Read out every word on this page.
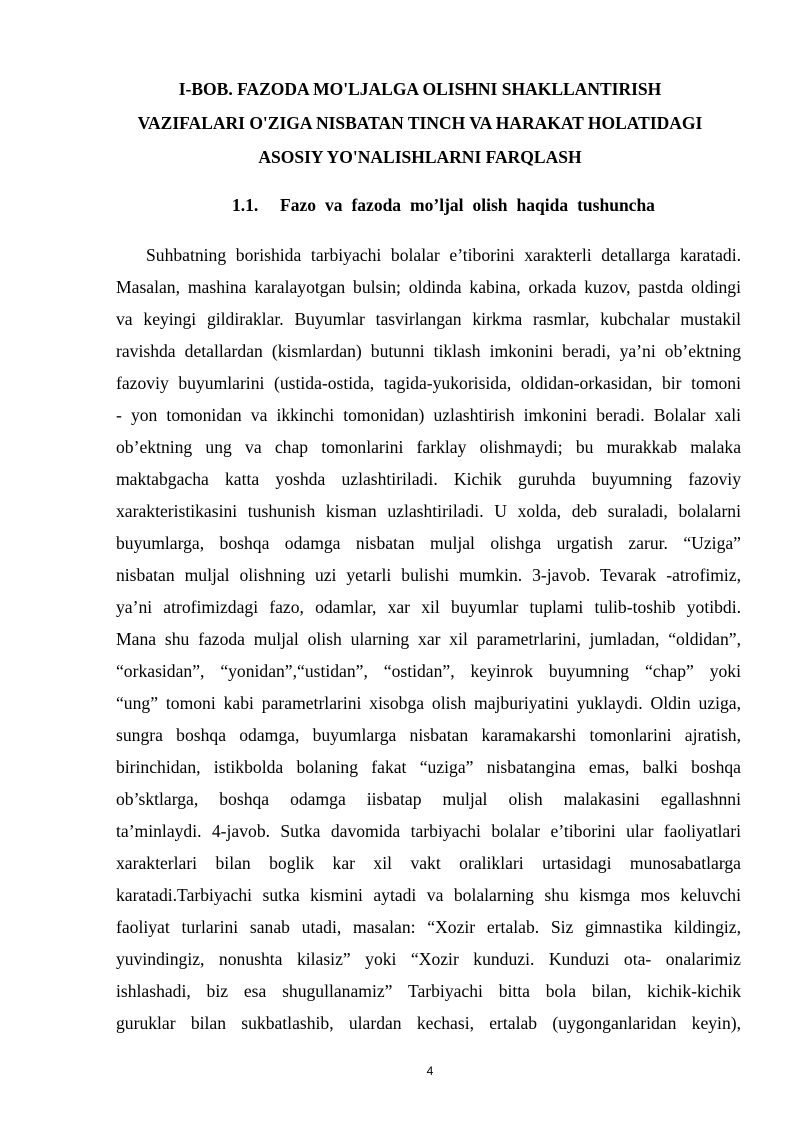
I-BOB. FAZODA MO'LJALGA OLISHNI SHAKLLANTIRISH
VAZIFALARI O'ZIGA NISBATAN TINCH VA HARAKAT HOLATIDAGI
ASOSIY YO'NALISHLARNI FARQLASH
1.1. Fazo va fazoda mo’ljal olish haqida tushuncha
Suhbatning borishida tarbiyachi bolalar e’tiborini xarakterli detallarga karatadi.
Masalan, mashina karalayotgan bulsin; oldinda kabina, orkada kuzov, pastda oldingi
va keyingi gildiraklar. Buyumlar tasvirlangan kirkma rasmlar, kubchalar mustakil
ravishda detallardan (kismlardan) butunni tiklash imkonini beradi, ya’ni ob’ektning
fazoviy buyumlarini (ustida-ostida, tagida-yukorisida, oldidan-orkasidan, bir tomoni
- yon tomonidan va ikkinchi tomonidan) uzlashtirish imkonini beradi. Bolalar xali
ob’ektning ung va chap tomonlarini farklay olishmaydi; bu murakkab malaka
maktabgacha katta yoshda uzlashtiriladi. Kichik guruhda buyumning fazoviy
xarakteristikasini tushunish kisman uzlashtiriladi. U xolda, deb suraladi, bolalarni
buyumlarga, boshqa odamga nisbatan muljal olishga urgatish zarur. “Uziga”
nisbatan muljal olishning uzi yetarli bulishi mumkin. 3-javob. Tevarak -atrofimiz,
ya’ni atrofimizdagi fazo, odamlar, xar xil buyumlar tuplami tulib-toshib yotibdi.
Mana shu fazoda muljal olish ularning xar xil parametrlarini, jumladan, “oldidan”,
“orkasidan”, “yonidan”,“ustidan”, “ostidan”, keyinrok buyumning “chap” yoki
“ung” tomoni kabi parametrlarini xisobga olish majburiyatini yuklaydi. Oldin uziga,
sungra boshqa odamga, buyumlarga nisbatan karamakarshi tomonlarini ajratish,
birinchidan, istikbolda bolaning fakat “uziga” nisbatangina emas, balki boshqa
ob’sktlarga, boshqa odamga iisbatap muljal olish malakasini egallashnni
ta’minlaydi. 4-javob. Sutka davomida tarbiyachi bolalar e’tiborini ular faoliyatlari
xarakterlari bilan boglik kar xil vakt oraliklari urtasidagi munosabatlarga
karatadi.Tarbiyachi sutka kismini aytadi va bolalarning shu kismga mos keluvchi
faoliyat turlarini sanab utadi, masalan: “Xozir ertalab. Siz gimnastika kildingiz,
yuvindingiz, nonushta kilasiz” yoki “Xozir kunduzi. Kunduzi ota- onalarimiz
ishlashadi, biz esa shugullanamiz” Tarbiyachi bitta bola bilan, kichik-kichik
guruklar bilan sukbatlashib, ulardan kechasi, ertalab (uygonganlaridan keyin),
4
